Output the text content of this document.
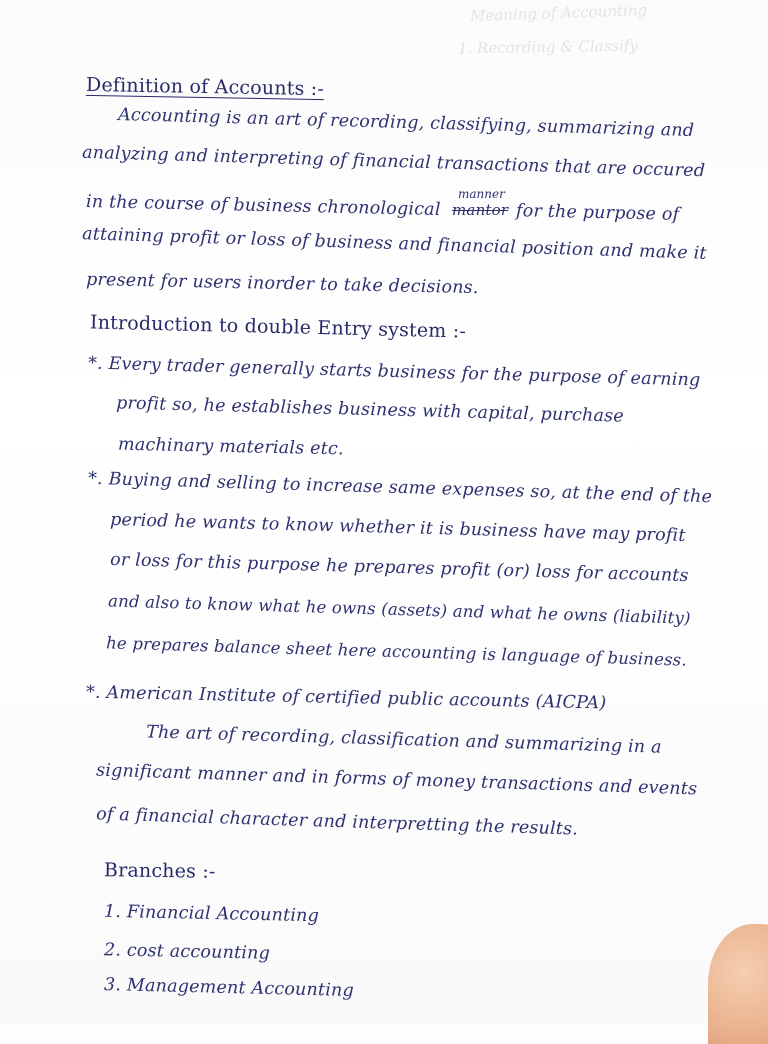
Meaning of Accounting
1. Recording & Classify
Definition of Accounts :-
Accounting is an art of recording, classifying, summarizing and
analyzing and interpreting of financial transactions that are occured
in the course of business chronological manner
mantor for the purpose of
attaining profit or loss of business and financial position and make it
present for users inorder to take decisions.
Introduction to double Entry system :-
*. Every trader generally starts business for the purpose of earning
profit so, he establishes business with capital, purchase
machinary materials etc.
*. Buying and selling to increase same expenses so, at the end of the
period he wants to know whether it is business have may profit
or loss for this purpose he prepares profit (or) loss for accounts
and also to know what he owns (assets) and what he owns (liability)
he prepares balance sheet here accounting is language of business.
*. American Institute of certified public accounts (AICPA)
The art of recording, classification and summarizing in a
significant manner and in forms of money transactions and events
of a financial character and interpretting the results.
Branches :-
1. Financial Accounting
2. cost accounting
3. Management Accounting
